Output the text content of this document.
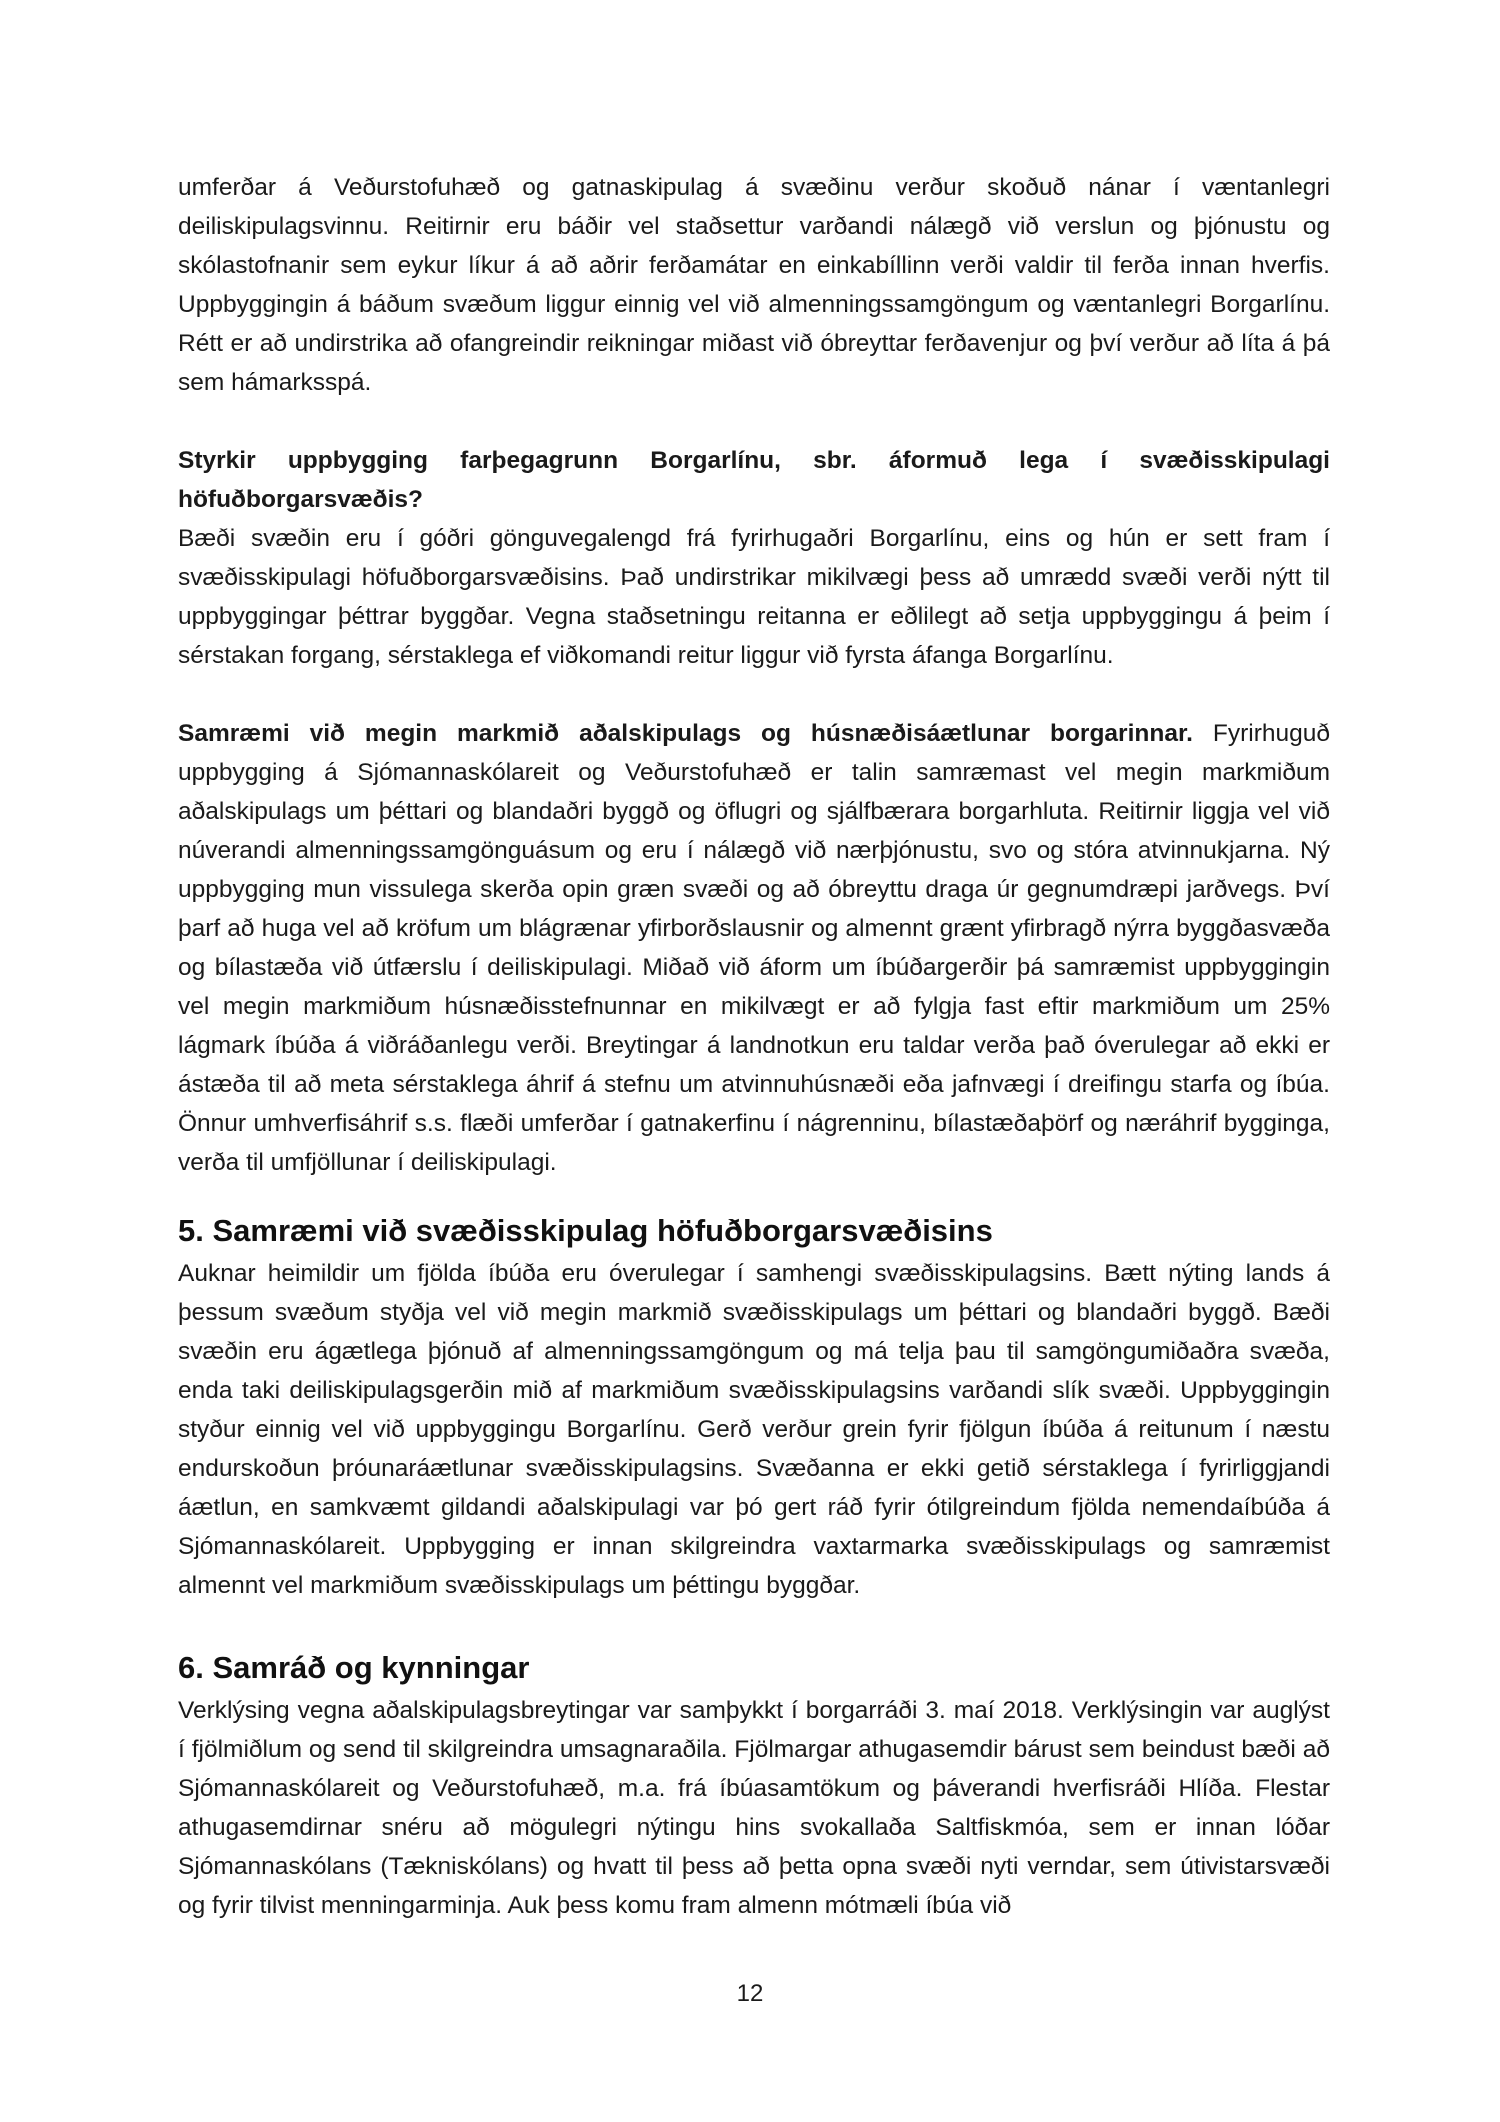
umferðar á Veðurstofuhæð og gatnaskipulag á svæðinu verður skoðuð nánar í væntanlegri deiliskipulagsvinnu. Reitirnir eru báðir vel staðsettur varðandi nálægð við verslun og þjónustu og skólastofnanir sem eykur líkur á að aðrir ferðamátar en einkabíllinn verði valdir til ferða innan hverfis. Uppbyggingin á báðum svæðum liggur einnig vel við almenningssamgöngum og væntanlegri Borgarlínu. Rétt er að undirstrika að ofangreindir reikningar miðast við óbreyttar ferðavenjur og því verður að líta á þá sem hámarksspá.

Styrkir uppbygging farþegagrunn Borgarlínu, sbr. áformuð lega í svæðisskipulagi höfuðborgarsvæðis?
Bæði svæðin eru í góðri gönguvegalengd frá fyrirhugaðri Borgarlínu, eins og hún er sett fram í svæðisskipulagi höfuðborgarsvæðisins. Það undirstrikar mikilvægi þess að umrædd svæði verði nýtt til uppbyggingar þéttrar byggðar. Vegna staðsetningu reitanna er eðlilegt að setja uppbyggingu á þeim í sérstakan forgang, sérstaklega ef viðkomandi reitur liggur við fyrsta áfanga Borgarlínu.

Samræmi við megin markmið aðalskipulags og húsnæðisáætlunar borgarinnar. Fyrirhuguð uppbygging á Sjómannaskólareit og Veðurstofuhæð er talin samræmast vel megin markmiðum aðalskipulags um þéttari og blandaðri byggð og öflugri og sjálfbærara borgarhluta. Reitirnir liggja vel við núverandi almenningssamgönguásum og eru í nálægð við nærþjónustu, svo og stóra atvinnukjarna. Ný uppbygging mun vissulega skerða opin græn svæði og að óbreyttu draga úr gegnumdræpi jarðvegs. Því þarf að huga vel að kröfum um blágrænar yfirborðslausnir og almennt grænt yfirbragð nýrra byggðasvæða og bílastæða við útfærslu í deiliskipulagi. Miðað við áform um íbúðargerðir þá samræmist uppbyggingin vel megin markmiðum húsnæðisstefnunnar en mikilvægt er að fylgja fast eftir markmiðum um 25% lágmark íbúða á viðráðanlegu verði. Breytingar á landnotkun eru taldar verða það óverulegar að ekki er ástæða til að meta sérstaklega áhrif á stefnu um atvinnuhúsnæði eða jafnvægi í dreifingu starfa og íbúa. Önnur umhverfisáhrif s.s. flæði umferðar í gatnakerfinu í nágrenninu, bílastæðaþörf og næráhrif bygginga, verða til umfjöllunar í deiliskipulagi.

5. Samræmi við svæðisskipulag höfuðborgarsvæðisins

Auknar heimildir um fjölda íbúða eru óverulegar í samhengi svæðisskipulagsins. Bætt nýting lands á þessum svæðum styðja vel við megin markmið svæðisskipulags um þéttari og blandaðri byggð. Bæði svæðin eru ágætlega þjónuð af almenningssamgöngum og má telja þau til samgöngumiðaðra svæða, enda taki deiliskipulagsgerðin mið af markmiðum svæðisskipulagsins varðandi slík svæði. Uppbyggingin styður einnig vel við uppbyggingu Borgarlínu. Gerð verður grein fyrir fjölgun íbúða á reitunum í næstu endurskoðun þróunaráætlunar svæðisskipulagsins. Svæðanna er ekki getið sérstaklega í fyrirliggjandi áætlun, en samkvæmt gildandi aðalskipulagi var þó gert ráð fyrir ótilgreindum fjölda nemendaíbúða á Sjómannaskólareit. Uppbygging er innan skilgreindra vaxtarmarka svæðisskipulags og samræmist almennt vel markmiðum svæðisskipulags um þéttingu byggðar.

6. Samráð og kynningar

Verklýsing vegna aðalskipulagsbreytingar var samþykkt í borgarráði 3. maí 2018. Verklýsingin var auglýst í fjölmiðlum og send til skilgreindra umsagnaraðila. Fjölmargar athugasemdir bárust sem beindust bæði að Sjómannaskólareit og Veðurstofuhæð, m.a. frá íbúasamtökum og þáverandi hverfisráði Hlíða. Flestar athugasemdirnar snéru að mögulegri nýtingu hins svokallaða Saltfiskmóa, sem er innan lóðar Sjómannaskólans (Tækniskólans) og hvatt til þess að þetta opna svæði nyti verndar, sem útivistarsvæði og fyrir tilvist menningarminja. Auk þess komu fram almenn mótmæli íbúa við

12
